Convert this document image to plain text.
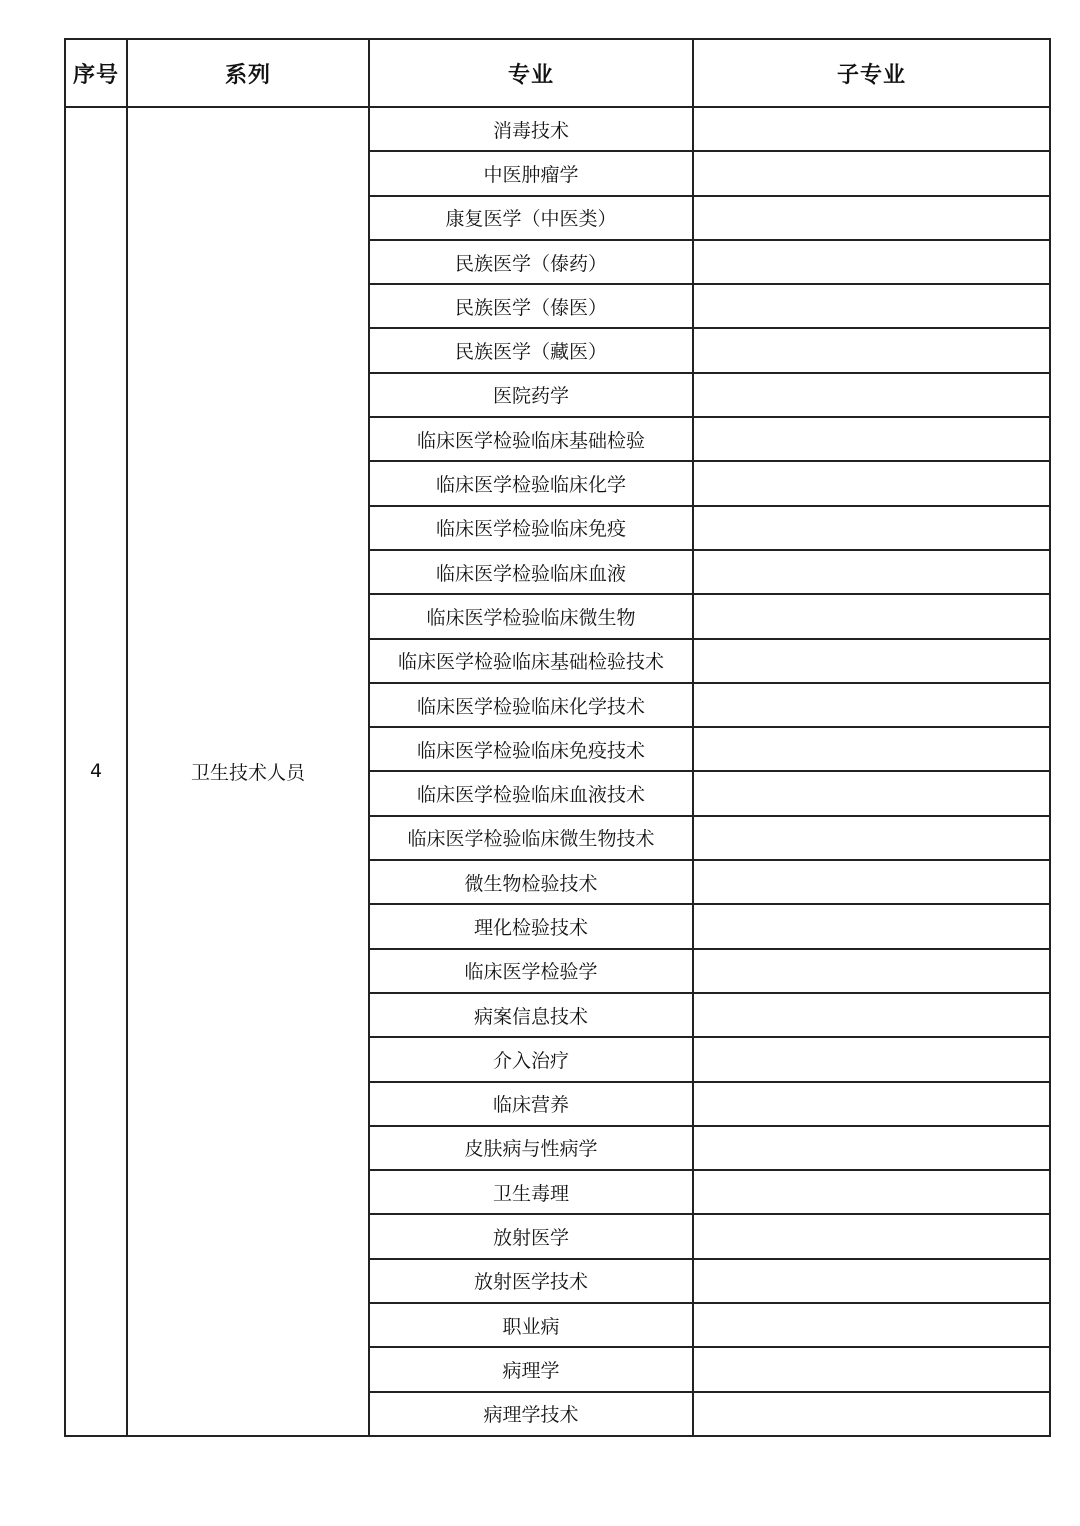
序号	系列	专业	子专业
4	卫生技术人员	消毒技术	
		中医肿瘤学	
		康复医学（中医类）	
		民族医学（傣药）	
		民族医学（傣医）	
		民族医学（藏医）	
		医院药学	
		临床医学检验临床基础检验	
		临床医学检验临床化学	
		临床医学检验临床免疫	
		临床医学检验临床血液	
		临床医学检验临床微生物	
		临床医学检验临床基础检验技术	
		临床医学检验临床化学技术	
		临床医学检验临床免疫技术	
		临床医学检验临床血液技术	
		临床医学检验临床微生物技术	
		微生物检验技术	
		理化检验技术	
		临床医学检验学	
		病案信息技术	
		介入治疗	
		临床营养	
		皮肤病与性病学	
		卫生毒理	
		放射医学	
		放射医学技术	
		职业病	
		病理学	
		病理学技术	
